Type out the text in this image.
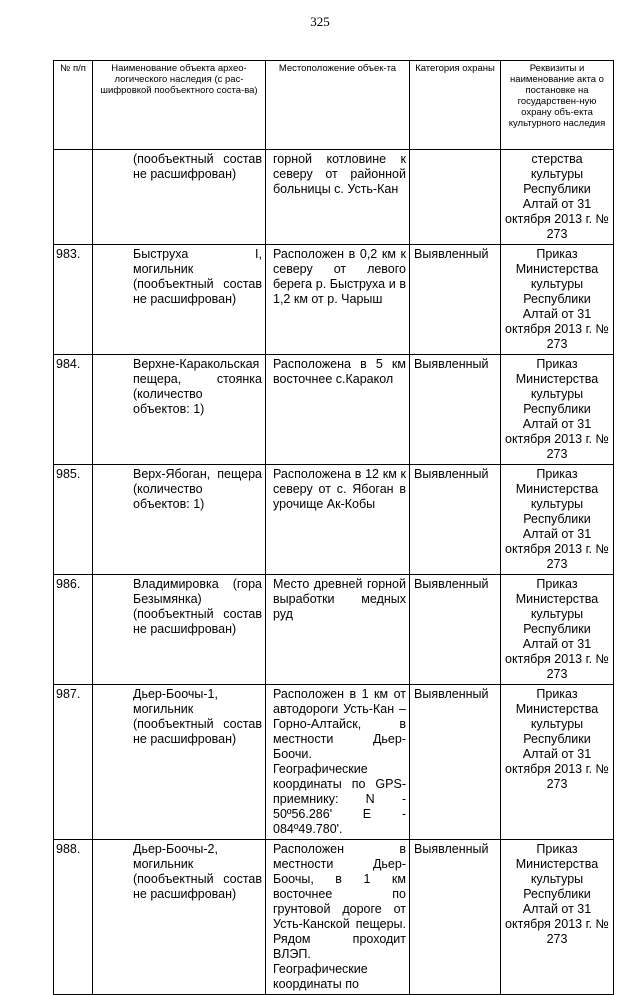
325
№ п/п	Наименование объекта архео-логического наследия (с рас-шифровкой пообъектного соста-ва)	Местоположение объек-та	Категория охраны	Реквизиты и наименование акта о постановке на государствен-ную охрану объ-екта культурного наследия
	(пообъектный состав не расшифрован)	горной котловине к северу от районной больницы с. Усть-Кан		стерства культуры Республики Алтай от 31 октября 2013 г. № 273
983.	Быструха I, могильник (пообъектный состав не расшифрован)	Расположен в 0,2 км к северу от левого берега р. Быструха и в 1,2 км от р. Чарыш	Выявленный	Приказ Министерства культуры Республики Алтай от 31 октября 2013 г. № 273
984.	Верхне-Каракольская пещера, стоянка (количество объектов: 1)	Расположена в 5 км восточнее с.Каракол	Выявленный	Приказ Министерства культуры Республики Алтай от 31 октября 2013 г. № 273
985.	Верх-Ябоган, пещера (количество объектов: 1)	Расположена в 12 км к северу от с. Ябоган в урочище Ак-Кобы	Выявленный	Приказ Министерства культуры Республики Алтай от 31 октября 2013 г. № 273
986.	Владимировка (гора Безымянка) (пообъектный состав не расшифрован)	Место древней горной выработки медных руд	Выявленный	Приказ Министерства культуры Республики Алтай от 31 октября 2013 г. № 273
987.	Дьер-Боочы-1, могильник (пообъектный состав не расшифрован)	Расположен в 1 км от автодороги Усть-Кан – Горно-Алтайск, в местности Дьер-Боочи. Географические координаты по GPS-приемнику: N - 50º56.286' E - 084º49.780'.	Выявленный	Приказ Министерства культуры Республики Алтай от 31 октября 2013 г. № 273
988.	Дьер-Боочы-2, могильник (пообъектный состав не расшифрован)	Расположен в местности Дьер-Боочы, в 1 км восточнее по грунтовой дороге от Усть-Канской пещеры. Рядом проходит ВЛЭП. Географические координаты по	Выявленный	Приказ Министерства культуры Республики Алтай от 31 октября 2013 г. № 273
